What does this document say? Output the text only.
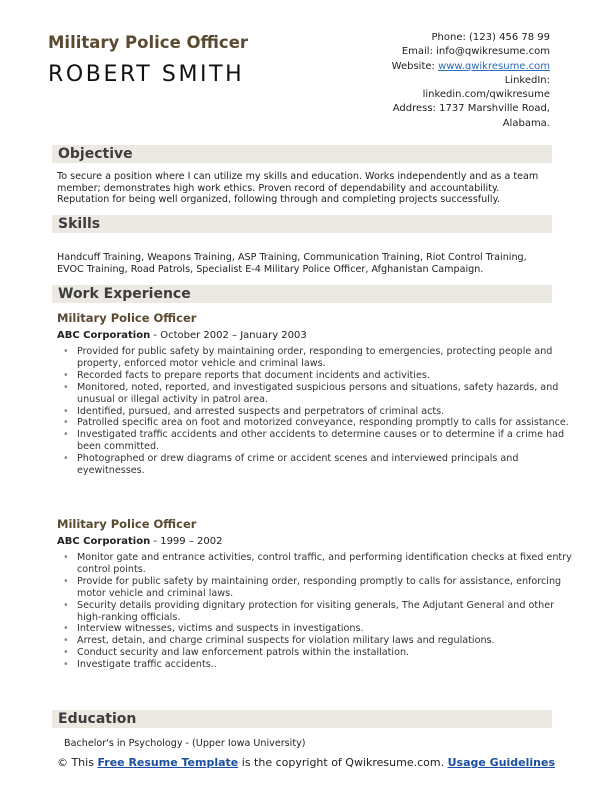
Military Police Officer
ROBERT SMITH
Phone: (123) 456 78 99
Email: info@qwikresume.com
Website: www.qwikresume.com
LinkedIn:
linkedin.com/qwikresume
Address: 1737 Marshville Road,
Alabama.
Objective
To secure a position where I can utilize my skills and education. Works independently and as a team member; demonstrates high work ethics. Proven record of dependability and accountability. Reputation for being well organized, following through and completing projects successfully.
Skills
Handcuff Training, Weapons Training, ASP Training, Communication Training, Riot Control Training, EVOC Training, Road Patrols, Specialist E-4 Military Police Officer, Afghanistan Campaign.
Work Experience
Military Police Officer
ABC Corporation - October 2002 – January 2003
• Provided for public safety by maintaining order, responding to emergencies, protecting people and property, enforced motor vehicle and criminal laws.
• Recorded facts to prepare reports that document incidents and activities.
• Monitored, noted, reported, and investigated suspicious persons and situations, safety hazards, and unusual or illegal activity in patrol area.
• Identified, pursued, and arrested suspects and perpetrators of criminal acts.
• Patrolled specific area on foot and motorized conveyance, responding promptly to calls for assistance.
• Investigated traffic accidents and other accidents to determine causes or to determine if a crime had been committed.
• Photographed or drew diagrams of crime or accident scenes and interviewed principals and eyewitnesses.
Military Police Officer
ABC Corporation - 1999 – 2002
• Monitor gate and entrance activities, control traffic, and performing identification checks at fixed entry control points.
• Provide for public safety by maintaining order, responding promptly to calls for assistance, enforcing motor vehicle and criminal laws.
• Security details providing dignitary protection for visiting generals, The Adjutant General and other high-ranking officials.
• Interview witnesses, victims and suspects in investigations.
• Arrest, detain, and charge criminal suspects for violation military laws and regulations.
• Conduct security and law enforcement patrols within the installation.
• Investigate traffic accidents..
Education
Bachelor's in Psychology - (Upper Iowa University)
© This Free Resume Template is the copyright of Qwikresume.com. Usage Guidelines
